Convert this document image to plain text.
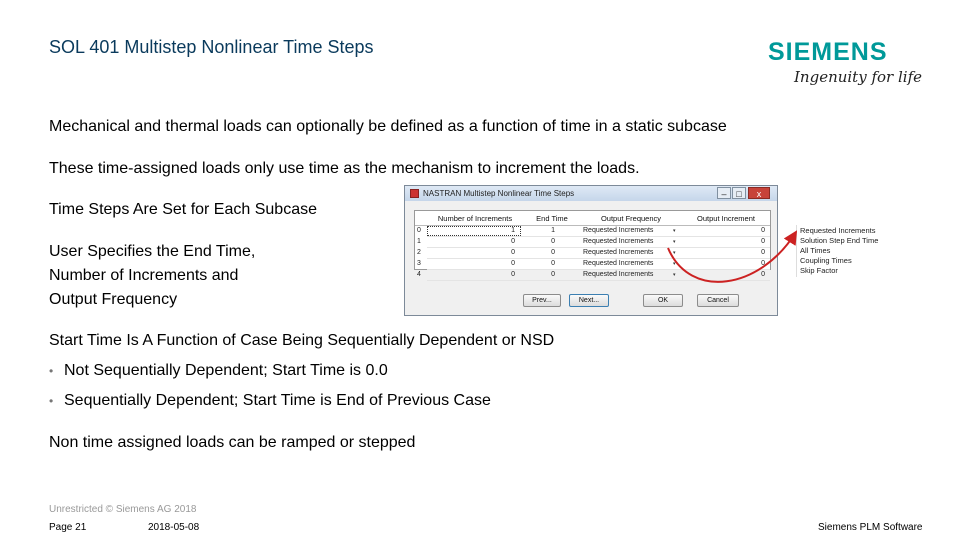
SOL 401 Multistep Nonlinear Time Steps	SIEMENS
Ingenuity for life
Mechanical and thermal loads can optionally be defined as a function of time in a static subcase
These time-assigned loads only use time as the mechanism to increment the loads.
Time Steps Are Set for Each Subcase
User Specifies the End Time,
Number of Increments and
Output Frequency
Start Time Is A Function of Case Being Sequentially Dependent or NSD
• Not Sequentially Dependent; Start Time is 0.0
• Sequentially Dependent; Start Time is End of Previous Case
Non time assigned loads can be ramped or stepped
NASTRAN Multistep Nonlinear Time Steps	–	□	x
Number of Increments	End Time	Output Frequency	Output Increment
0	1	1	Requested Increments	0
▾
1	0	0	Requested Increments	0
▾
2	0	0	Requested Increments	0
▾
3	0	0	Requested Increments	0
▾
4	0	0	Requested Increments	0
▾
Prev...	Next...	OK	Cancel
Requested Increments
Solution Step End Time
All Times
Coupling Times
Skip Factor
Unrestricted © Siemens AG 2018
Page 21	2018-05-08	Siemens PLM Software
